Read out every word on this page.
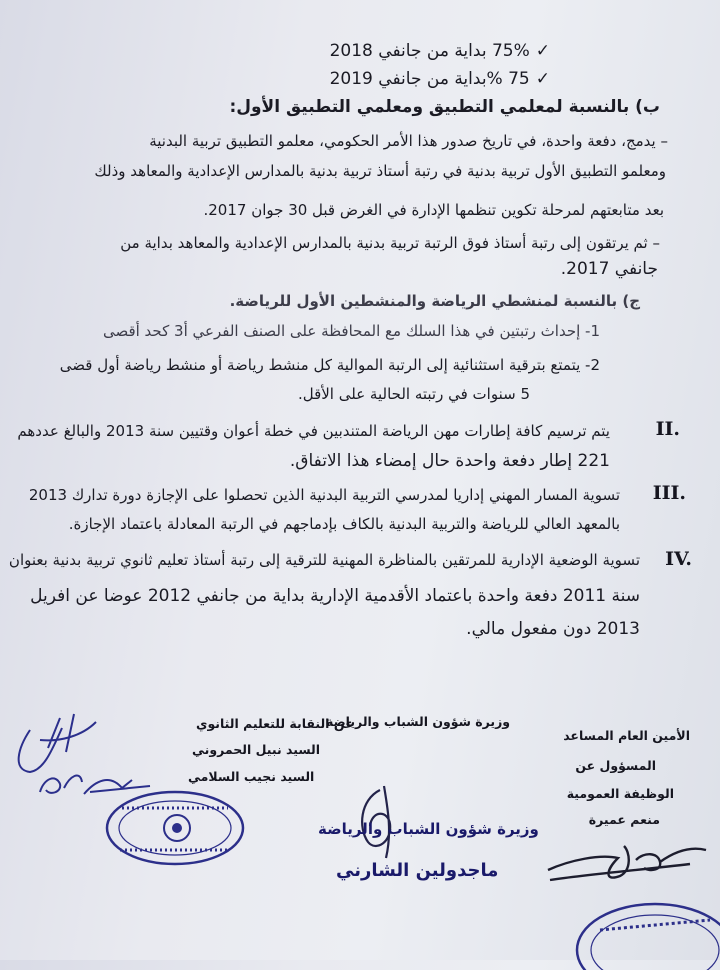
✓75% بداية من جانفي 2018
✓75 %بداية من جانفي 2019
ب) بالنسبة لمعلمي التطبيق ومعلمي التطبيق الأول:
– يدمج، دفعة واحدة، في تاريخ صدور هذا الأمر الحكومي، معلمو التطبيق تربية البدنية
ومعلمو التطبيق الأول تربية بدنية في رتبة أستاذ تربية بدنية بالمدارس الإعدادية والمعاهد وذلك
بعد متابعتهم لمرحلة تكوين تنظمها الإدارة في الغرض قبل 30 جوان 2017.
– ثم يرتقون إلى رتبة أستاذ فوق الرتبة تربية بدنية بالمدارس الإعدادية والمعاهد بداية من
جانفي 2017.
ج) بالنسبة لمنشطي الرياضة والمنشطين الأول للرياضة.
1- إحداث رتبتين في هذا السلك مع المحافظة على الصنف الفرعي أ3 كحد أقصى
2- يتمتع بترقية استثنائية إلى الرتبة الموالية كل منشط رياضة أو منشط رياضة أول قضى
5 سنوات في رتبته الحالية على الأقل.
II.
يتم ترسيم كافة إطارات مهن الرياضة المتندبين في خطة أعوان وقتيين سنة 2013 والبالغ عددهم
221 إطار دفعة واحدة حال إمضاء هذا الاتفاق.
III.
تسوية المسار المهني إداريا لمدرسي التربية البدنية الذين تحصلوا على الإجازة دورة تدارك 2013
بالمعهد العالي للرياضة والتربية البدنية بالكاف بإدماجهم في الرتبة المعادلة باعتماد الإجازة.
IV.
تسوية الوضعية الإدارية للمرتقين بالمناظرة المهنية للترقية إلى رتبة أستاذ تعليم ثانوي تربية بدنية بعنوان
سنة 2011 دفعة واحدة باعتماد الأقدمية الإدارية بداية من جانفي 2012 عوضا عن افريل
2013 دون مفعول مالي.
عن النقابة للتعليم الثانوي
السيد نبيل الحمروني
السيد نجيب السلامي
وزيرة شؤون الشباب والرياضة
وزيرة شؤون الشباب والرياضة
ماجدولين الشارني
الأمين العام المساعد
المسؤول عن
الوظيفة العمومية
منعم عميرة
